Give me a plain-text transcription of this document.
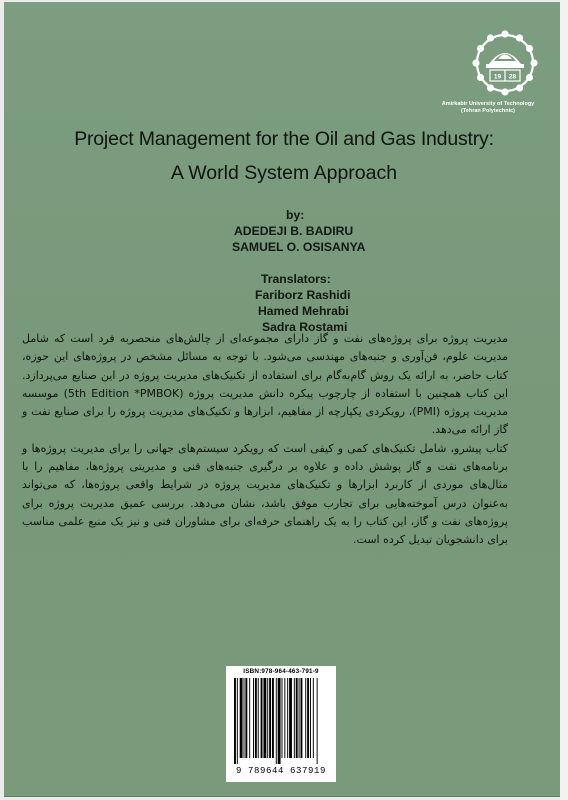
19 28
Amirkabir University of Technology
(Tehran Polytechnic)
Project Management for the Oil and Gas Industry:
A World System Approach
by:
ADEDEJI B. BADIRU
SAMUEL O. OSISANYA
Translators:
Fariborz Rashidi
Hamed Mehrabi
Sadra Rostami

مدیریت پروژه برای پروژه‌های نفت و گاز دارای مجموعه‌ای از چالش‌های منحصربه فرد است که شامل مدیریت علوم، فن‌آوری و جنبه‌های مهندسی می‌شود. با توجه به مسائل مشخص در پروژه‌های این حوزه، کتاب حاضر، به ارائه یک روش گام‌به‌گام برای استفاده از تکنیک‌های مدیریت پروژه در این صنایع می‌پردازد. این کتاب همچنین با استفاده از چارچوب پیکره دانش مدیریت پروژه (5th Edition *PMBOK) موسسه مدیریت پروژه (PMI)، رویکردی یکپارچه از مفاهیم، ابزارها و تکنیک‌های مدیریت پروژه را برای صنایع نفت و گاز ارائه می‌دهد.

کتاب پیشرو، شامل تکنیک‌های کمی و کیفی است که رویکرد سیستم‌های جهانی را برای مدیریت پروژه‌ها و برنامه‌های نفت و گاز پوشش داده و علاوه بر درگیری جنبه‌های فنی و مدیریتی پروژه‌ها، مفاهیم را با مثال‌های موردی از کاربرد ابزارها و تکنیک‌های مدیریت پروژه در شرایط واقعی پروژه‌ها، که می‌تواند به‌عنوان درس آموخته‌هایی برای تجارب موفق باشد، نشان می‌دهد. بررسی عمیق مدیریت پروژه برای پروژه‌های نفت و گاز، این کتاب را به یک راهنمای حرفه‌ای برای مشاوران فنی و نیز یک منبع علمی مناسب برای دانشجویان تبدیل کرده است.

ISBN:978-964-463-791-9
9 789644 637919
